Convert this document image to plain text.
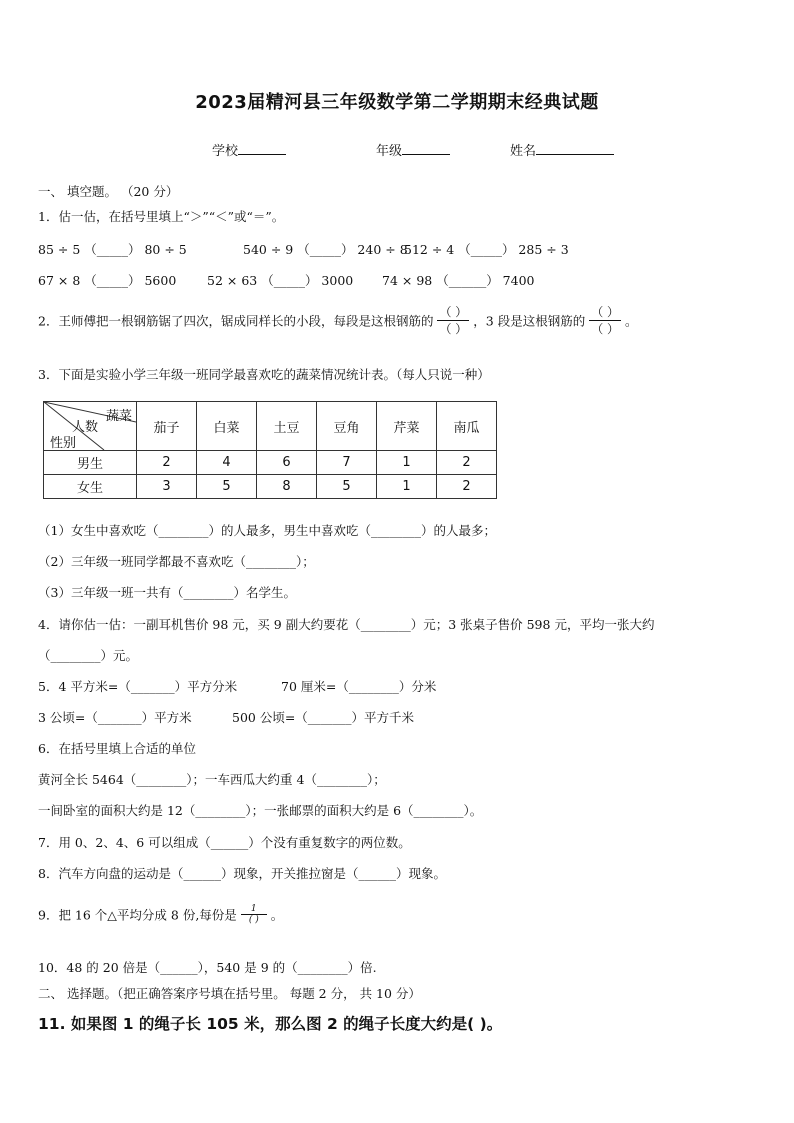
2023届精河县三年级数学第二学期期末经典试题
学校	年级	姓名
一、 填空题。 （20 分）
1．估一估，在括号里填上“＞”“＜”或“＝”。
85 ÷ 5 （_____） 80 ÷ 5	540 ÷ 9 （_____） 240 ÷ 8
512 ÷ 4 （_____） 285 ÷ 3
67 × 8 （_____） 5600 52 × 63 （_____） 3000 74 × 98 （______） 7400
2．王师傅把一根钢筋锯了四次，锯成同样长的小段，每段是这根钢筋的 $\frac{( )}{( )}$ ，3 段是这根钢筋的 $\frac{( )}{( )}$ 。
3．下面是实验小学三年级一班同学最喜欢吃的蔬菜情况统计表。（每人只说一种）
蔬菜
人数
性别	茄子	白菜	土豆	豆角	芹菜	南瓜
男生	2	4	6	7	1	2
女生	3	5	8	5	1	2
（1）女生中喜欢吃（________）的人最多，男生中喜欢吃（________）的人最多；
（2）三年级一班同学都最不喜欢吃（________）；
（3）三年级一班一共有（________）名学生。
4．请你估一估：一副耳机售价 98 元，买 9 副大约要花（________）元；3 张桌子售价 598 元，平均一张大约
（________）元。
5．4 平方米=（_______）平方分米	70 厘米=（________）分米
3 公顷=（_______）平方米	500 公顷=（_______）平方千米
6．在括号里填上合适的单位
黄河全长 5464（________）；一车西瓜大约重 4（________）；
一间卧室的面积大约是 12（________）；一张邮票的面积大约是 6（________）。
7．用 0、2、4、6 可以组成（______）个没有重复数字的两位数。
8．汽车方向盘的运动是（______）现象，开关推拉窗是（______）现象。
9．把 16 个△平均分成 8 份,每份是 $\frac{1}{( )}$ 。
10．48 的 20 倍是（______），540 是 9 的（________）倍.
二、 选择题。（把正确答案序号填在括号里。 每题 2 分， 共 10 分）
11. 如果图 1 的绳子长 105 米，那么图 2 的绳子长度大约是( )。
